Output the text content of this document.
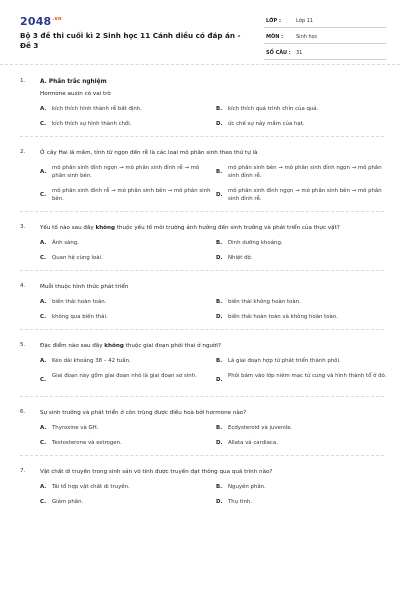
$2048^{.vn}$
Bộ 3 đề thi cuối kì 2 Sinh học 11 Cánh diều có đáp án - Đề 3
LỚP :	Lớp 11
MÔN :	Sinh học
SỐ CÂU : 31
1.	A. Phần trắc nghiệm
Hormone auxin có vai trò
A. kích thích hình thành rễ bất định.	B. kích thích quá trình chín của quả.
C. kích thích sự hình thành chồi.	D. ức chế sự nảy mầm của hạt.
2.	Ở cây Hai lá mầm, tính từ ngọn đến rễ là các loại mô phân sinh theo thứ tự là
A.
mô phân sinh đỉnh ngọn → mô phân sinh đỉnh rễ → mô phân sinh bên.
B.
mô phân sinh bên → mô phân sinh đỉnh ngọn → mô phân sinh đỉnh rễ.
C.
mô phân sinh đỉnh rễ → mô phân sinh bên → mô phân sinh bên.
D.
mô phân sinh đỉnh ngọn → mô phân sinh bên → mô phân sinh đỉnh rễ.
3.	Yếu tố nào sau đây không thuộc yếu tố môi trường ảnh hưởng đến sinh trưởng và phát triển của thực vật?
A. Ánh sáng.	B. Dinh dưỡng khoáng.
C. Quan hệ cùng loài.	D. Nhiệt độ.
4.	Muỗi thuộc hình thức phát triển
A. biến thái hoàn toàn.	B. biến thái không hoàn toàn.
C. không qua biến thái.	D. biến thái hoàn toàn và không hoàn toàn.
5.	Đặc điểm nào sau đây không thuộc giai đoạn phôi thai ở người?
A. Kéo dài khoảng 38 – 42 tuần.	B. Là giai đoạn hợp tử phát triển thành phôi.
C.
Giai đoạn này gồm giai đoạn nhỏ là giai đoạn sơ sinh.
D.
Phôi bám vào lớp niêm mạc tử cung và hình thành tổ ở đó.
6.	Sự sinh trưởng và phát triển ở côn trùng được điều hoà bởi hormone nào?
A. Thyroxine và GH.	B. Ecdysteroid và juvenile.
C. Testosterone và estrogen.	D. Allata và cardiaca.
7.	Vật chất di truyền trong sinh sản vô tính được truyền đạt thông qua quá trình nào?
A. Tái tổ hợp vật chất di truyền.	B. Nguyên phân.
C. Giảm phân.	D. Thụ tinh.
